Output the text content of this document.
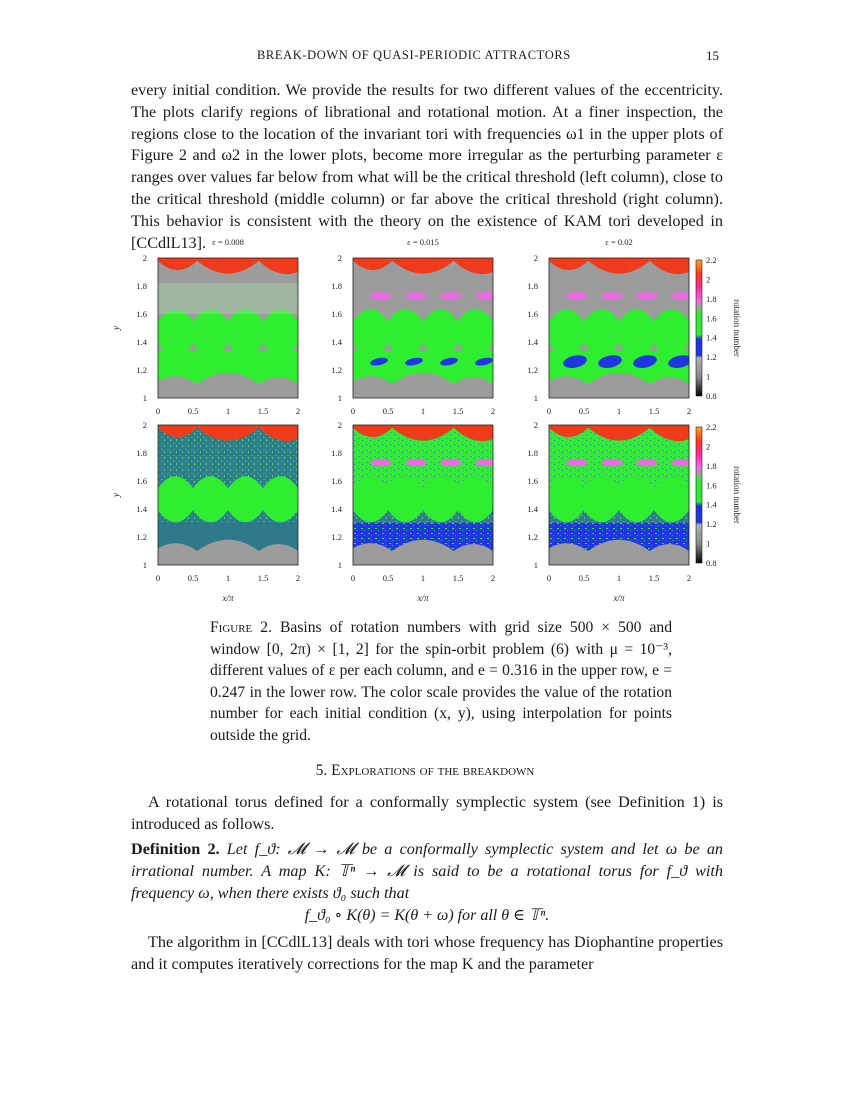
BREAK-DOWN OF QUASI-PERIODIC ATTRACTORS	15

every initial condition. We provide the results for two different values of the eccentricity. The plots clarify regions of librational and rotational motion. At a finer inspection, the regions close to the location of the invariant tori with frequencies ω1 in the upper plots of Figure 2 and ω2 in the lower plots, become more irregular as the perturbing parameter ε ranges over values far below from what will be the critical threshold (left column), close to the critical threshold (middle column) or far above the critical threshold (right column). This behavior is consistent with the theory on the existence of KAM tori developed in [CCdlL13].

1
1.2
1.4
1.6
1.8
2
0	0.5	1	1.5	2
1
1.2
1.4
1.6
1.8
2
0	0.5	1	1.5	2
1
1.2
1.4
1.6
1.8
2
0	0.5	1	1.5	2
1
1.2
1.4
1.6
1.8
2
0	0.5	1	1.5	2
1
1.2
1.4
1.6
1.8
2
0	0.5	1	1.5	2
1
1.2
1.4
1.6
1.8
2
0	0.5	1	1.5	2
ε = 0.008	ε = 0.015	ε = 0.02
y
y
x/π	x/π	x/π
0.8
1
1.2
1.4
1.6
1.8
2
2.2
rotation number
0.8
1
1.2
1.4
1.6
1.8
2
2.2
rotation number
Figure 2. Basins of rotation numbers with grid size 500 × 500 and window [0, 2π) × [1, 2] for the spin-orbit problem (6) with μ = 10⁻³, different values of ε per each column, and e = 0.316 in the upper row, e = 0.247 in the lower row. The color scale provides the value of the rotation number for each initial condition (x, y), using interpolation for points outside the grid.
5. Explorations of the breakdown

A rotational torus defined for a conformally symplectic system (see Definition 1) is introduced as follows.

Definition 2. Let f_ϑ: 𝓜 → 𝓜 be a conformally symplectic system and let ω be an irrational number. A map K: 𝕋ⁿ → 𝓜 is said to be a rotational torus for f_ϑ with frequency ω, when there exists ϑ₀ such that
f_ϑ₀ ∘ K(θ) = K(θ + ω) for all θ ∈ 𝕋ⁿ.
The algorithm in [CCdlL13] deals with tori whose frequency has Diophantine properties and it computes iteratively corrections for the map K and the parameter
